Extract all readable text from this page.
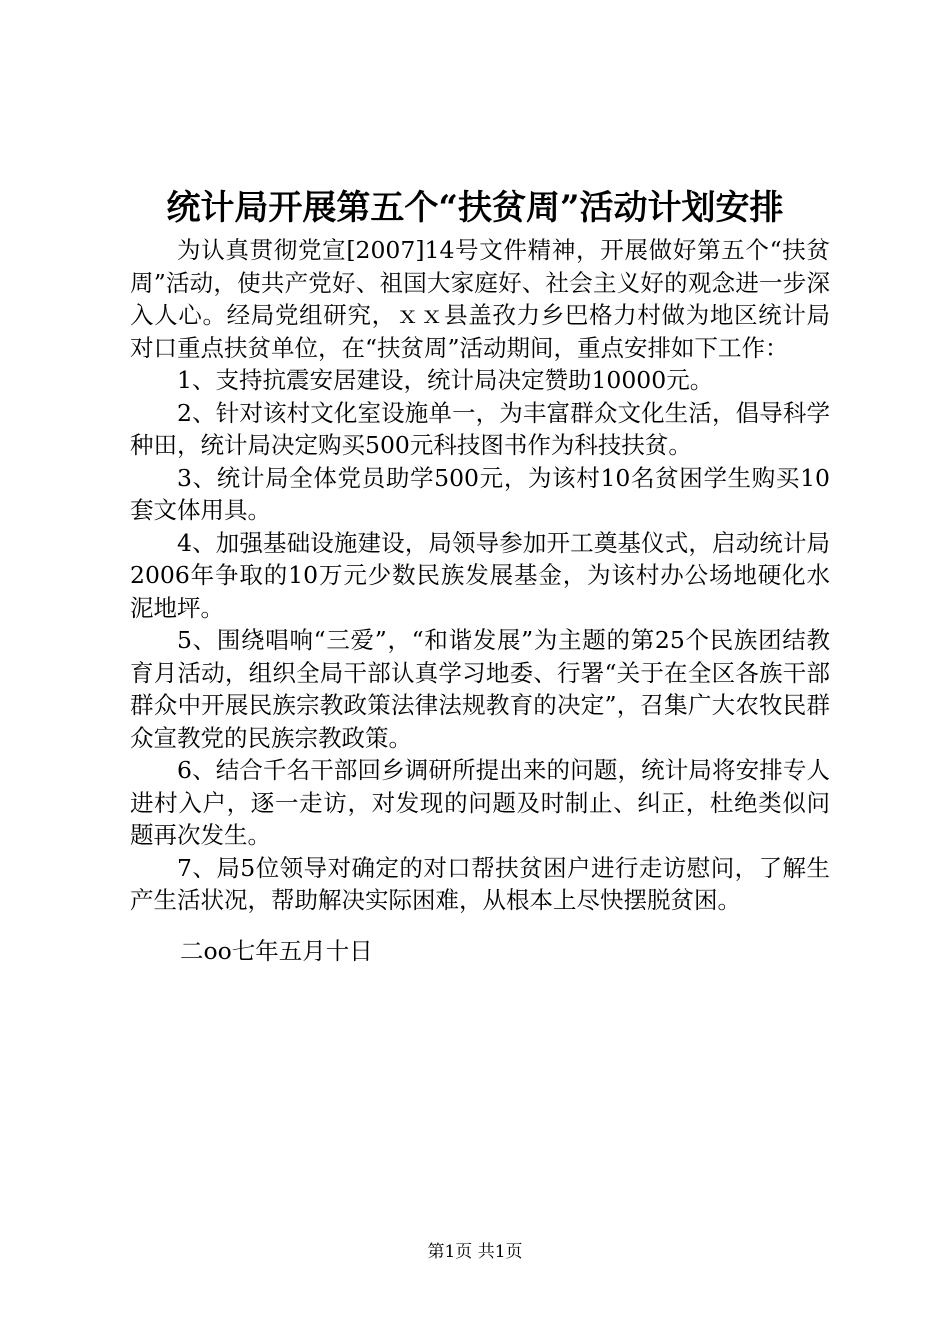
统计局开展第五个“扶贫周”活动计划安排

为认真贯彻党宣[2007]14号文件精神，开展做好第五个“扶贫周”活动，使共产党好、祖国大家庭好、社会主义好的观念进一步深入人心。经局党组研究，ｘｘ县盖孜力乡巴格力村做为地区统计局对口重点扶贫单位，在“扶贫周”活动期间，重点安排如下工作：

1、支持抗震安居建设，统计局决定赞助10000元。

2、针对该村文化室设施单一，为丰富群众文化生活，倡导科学种田，统计局决定购买500元科技图书作为科技扶贫。

3、统计局全体党员助学500元，为该村10名贫困学生购买10套文体用具。

4、加强基础设施建设，局领导参加开工奠基仪式，启动统计局2006年争取的10万元少数民族发展基金，为该村办公场地硬化水泥地坪。

5、围绕唱响“三爱”，“和谐发展”为主题的第25个民族团结教育月活动，组织全局干部认真学习地委、行署“关于在全区各族干部群众中开展民族宗教政策法律法规教育的决定”，召集广大农牧民群众宣教党的民族宗教政策。

6、结合千名干部回乡调研所提出来的问题，统计局将安排专人进村入户，逐一走访，对发现的问题及时制止、纠正，杜绝类似问题再次发生。

7、局5位领导对确定的对口帮扶贫困户进行走访慰问，了解生产生活状况，帮助解决实际困难，从根本上尽快摆脱贫困。

二oo七年五月十日
第1页 共1页
